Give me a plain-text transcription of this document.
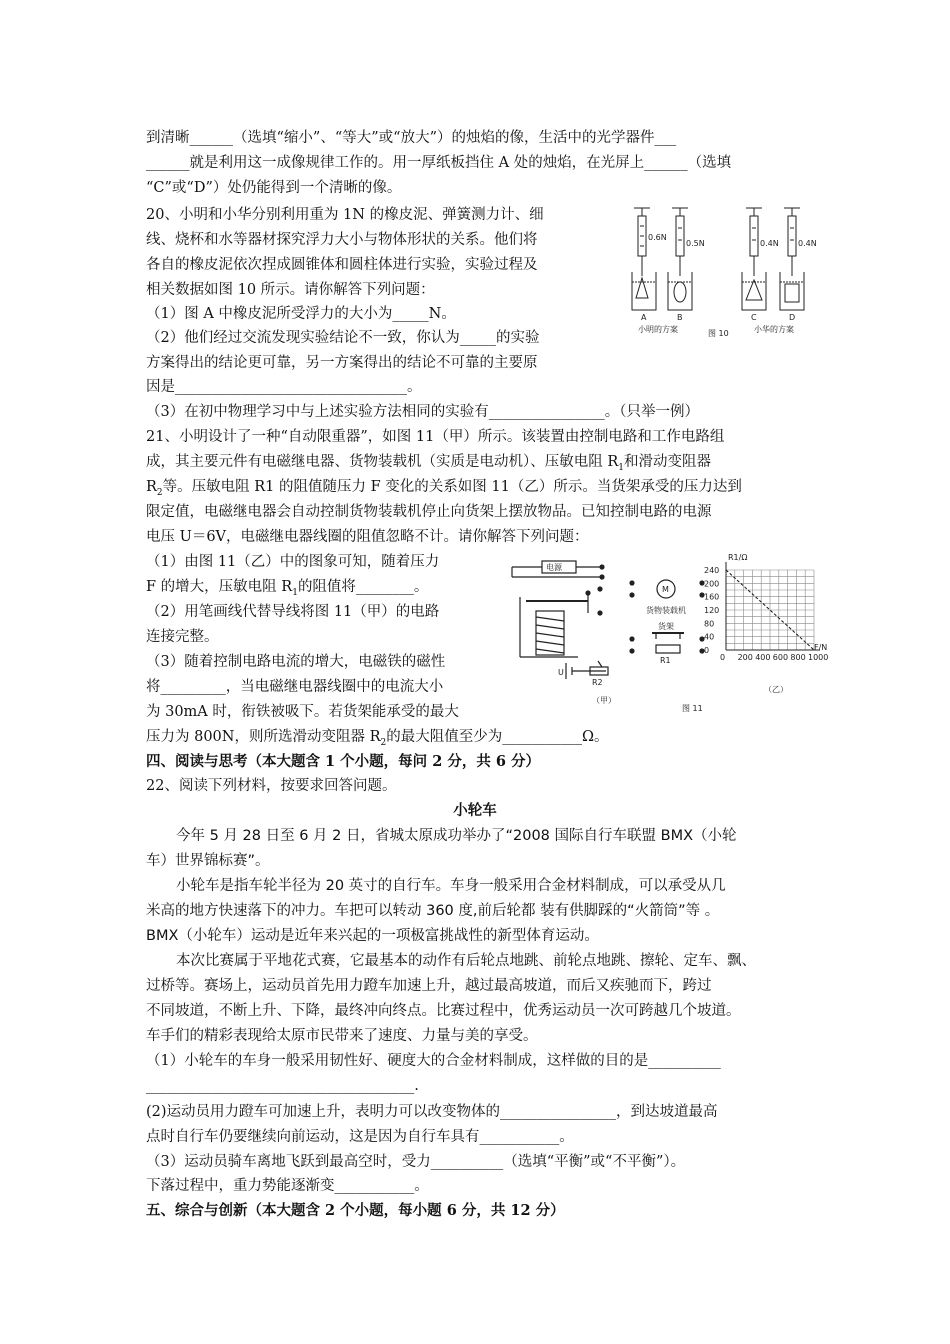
到清晰______（选填“缩小”、“等大”或“放大”）的烛焰的像，生活中的光学器件___
______就是利用这一成像规律工作的。用一厚纸板挡住 A 处的烛焰，在光屏上______（选填
“C”或“D”）处仍能得到一个清晰的像。
20、小明和小华分别利用重为 1N 的橡皮泥、弹簧测力计、细
线、烧杯和水等器材探究浮力大小与物体形状的关系。他们将
各自的橡皮泥依次捏成圆锥体和圆柱体进行实验，实验过程及
相关数据如图 10 所示。请你解答下列问题：
（1）图 A 中橡皮泥所受浮力的大小为_____N。
（2）他们经过交流发现实验结论不一致，你认为_____的实验
方案得出的结论更可靠，另一方案得出的结论不可靠的主要原
因是________________________________。
（3）在初中物理学习中与上述实验方法相同的实验有________________。（只举一例）
0.6N
0.5N	0.4N 0.4N
A	B	C	D
小明的方案	图 10	小华的方案
21、小明设计了一种“自动限重器”，如图 11（甲）所示。该装置由控制电路和工作电路组
成，其主要元件有电磁继电器、货物装载机（实质是电动机）、压敏电阻 $R_1$和滑动变阻器
$R_2$等。压敏电阻 R1 的阻值随压力 F 变化的关系如图 11（乙）所示。当货架承受的压力达到
限定值，电磁继电器会自动控制货物装载机停止向货架上摆放物品。已知控制电路的电源
电压 U＝6V，电磁继电器线圈的阻值忽略不计。请你解答下列问题：
（1）由图 11（乙）中的图象可知，随着压力
F 的增大，压敏电阻 $R_1$的阻值将________。
（2）用笔画线代替导线将图 11（甲）的电路
连接完整。
（3）随着控制电路电流的增大，电磁铁的磁性
将_________，当电磁继电器线圈中的电流大小
为 30mA 时，衔铁被吸下。若货架能承受的最大
压力为 800N，则所选滑动变阻器 $R_2$的最大阻值至少为___________Ω。
电源
M
货物装载机
货架
R1
U
R2
（甲）
图 11
R1/Ω
F/N
（乙）
0 200 400 600 800 1000
240
200
160
120
80
40
0
四、阅读与思考（本大题含 1 个小题，每问 2 分，共 6 分）
22、阅读下列材料，按要求回答问题。
小轮车
今年 5 月 28 日至 6 月 2 日，省城太原成功举办了“2008 国际自行车联盟 BMX（小轮
车）世界锦标赛”。
小轮车是指车轮半径为 20 英寸的自行车。车身一般采用合金材料制成，可以承受从几
米高的地方快速落下的冲力。车把可以转动 360 度,前后轮都 装有供脚踩的“火箭筒”等 。
BMX（小轮车）运动是近年来兴起的一项极富挑战性的新型体育运动。
本次比赛属于平地花式赛，它最基本的动作有后轮点地跳、前轮点地跳、擦轮、定车、飘、
过桥等。赛场上，运动员首先用力蹬车加速上升，越过最高坡道，而后又疾驰而下，跨过
不同坡道，不断上升、下降，最终冲向终点。比赛过程中，优秀运动员一次可跨越几个坡道。
车手们的精彩表现给太原市民带来了速度、力量与美的享受。
（1）小轮车的车身一般采用韧性好、硬度大的合金材料制成，这样做的目的是__________
_____________________________________.
(2)运动员用力蹬车可加速上升，表明力可以改变物体的________________，到达坡道最高
点时自行车仍要继续向前运动，这是因为自行车具有___________。
（3）运动员骑车离地飞跃到最高空时，受力__________（选填“平衡”或“不平衡”）。
下落过程中，重力势能逐渐变___________。
五、综合与创新（本大题含 2 个小题，每小题 6 分，共 12 分）
